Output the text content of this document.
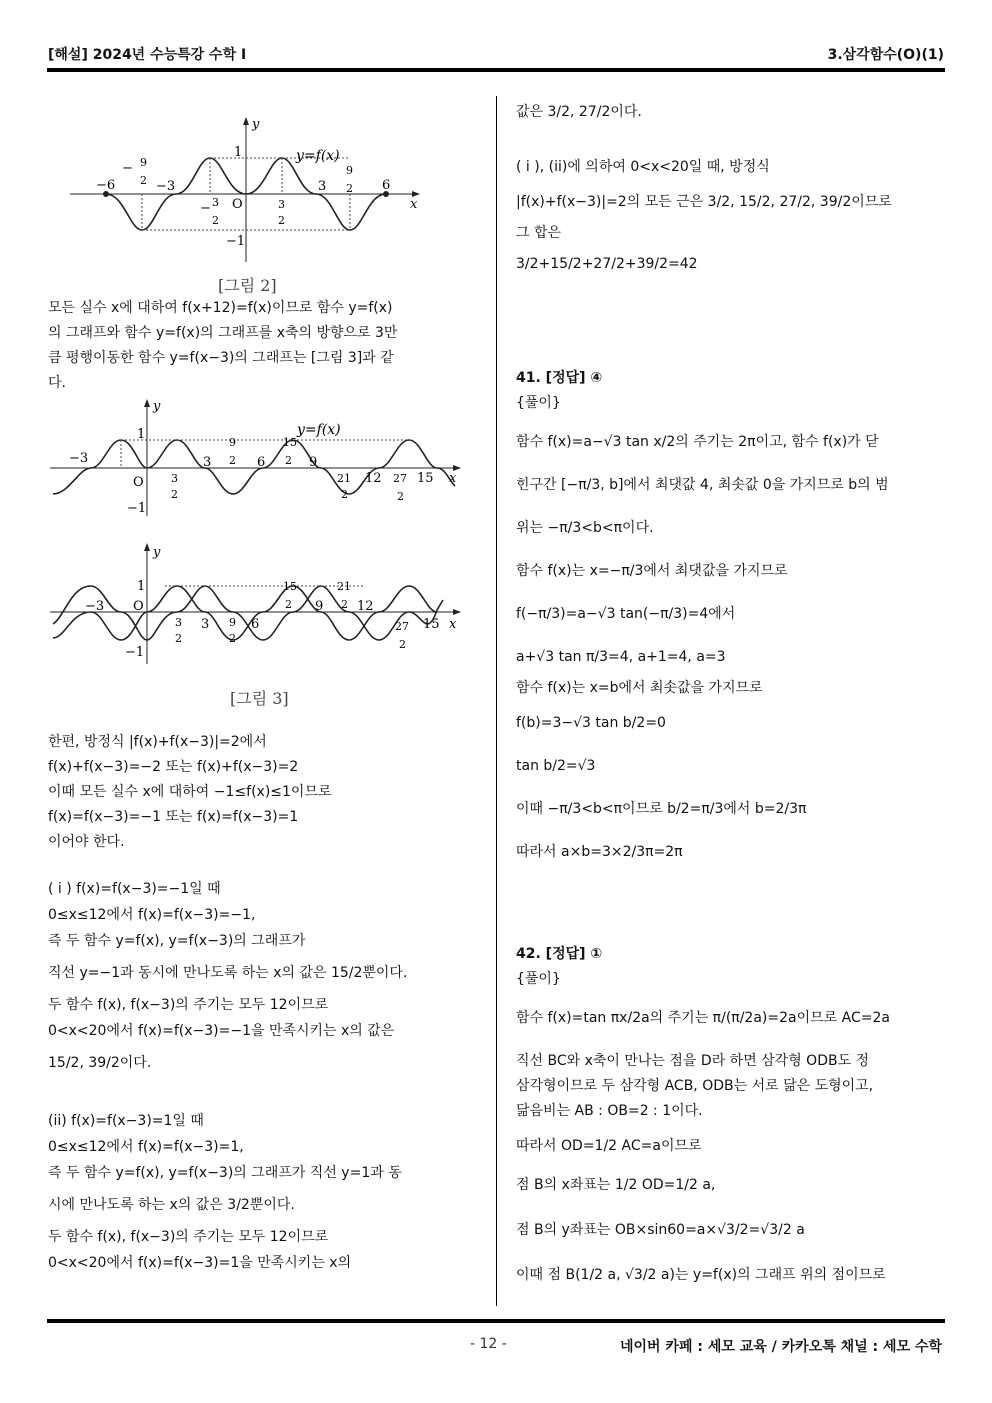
[해설] 2024년 수능특강 수학 I	3.삼각함수(O)(1)
−6
− 9
2 −3
− 3
2
O	3
2
3
9
2 6
1
−1
y
x
y=f(x)
[그림 2]

모든 실수 x에 대하여 f(x+12)=f(x)이므로 함수 y=f(x)

의 그래프와 함수 y=f(x)의 그래프를 x축의 방향으로 3만

큼 평행이동한 함수 y=f(x−3)의 그래프는 [그림 3]과 같

다.

−3
O
1
−1
3
2
3
9
2 6
15
2 9
21
2
12 27
2
15
y
x
y=f(x)
−3 O
1
−1
3
2
3 9
2
6
15
2 9
21
2 12
27
2
15
y
x
[그림 3]

한편, 방정식 |f(x)+f(x−3)|=2에서

f(x)+f(x−3)=−2 또는 f(x)+f(x−3)=2

이때 모든 실수 x에 대하여 −1≤f(x)≤1이므로

f(x)=f(x−3)=−1 또는 f(x)=f(x−3)=1

이어야 한다.

( i ) f(x)=f(x−3)=−1일 때

0≤x≤12에서 f(x)=f(x−3)=−1,

즉 두 함수 y=f(x), y=f(x−3)의 그래프가

직선 y=−1과 동시에 만나도록 하는 x의 값은 15/2뿐이다.

두 함수 f(x), f(x−3)의 주기는 모두 12이므로

0<x<20에서 f(x)=f(x−3)=−1을 만족시키는 x의 값은

15/2, 39/2이다.

(ii) f(x)=f(x−3)=1일 때

0≤x≤12에서 f(x)=f(x−3)=1,

즉 두 함수 y=f(x), y=f(x−3)의 그래프가 직선 y=1과 동

시에 만나도록 하는 x의 값은 3/2뿐이다.

두 함수 f(x), f(x−3)의 주기는 모두 12이므로

0<x<20에서 f(x)=f(x−3)=1을 만족시키는 x의

값은 3/2, 27/2이다.

( i ), (ii)에 의하여 0<x<20일 때, 방정식

|f(x)+f(x−3)|=2의 모든 근은 3/2, 15/2, 27/2, 39/2이므로

그 합은

3/2+15/2+27/2+39/2=42

41. [정답] ④

{풀이}

함수 f(x)=a−√3 tan x/2의 주기는 2π이고, 함수 f(x)가 닫

힌구간 [−π/3, b]에서 최댓값 4, 최솟값 0을 가지므로 b의 범

위는 −π/3<b<π이다.

함수 f(x)는 x=−π/3에서 최댓값을 가지므로

f(−π/3)=a−√3 tan(−π/3)=4에서

a+√3 tan π/3=4, a+1=4, a=3

함수 f(x)는 x=b에서 최솟값을 가지므로

f(b)=3−√3 tan b/2=0

tan b/2=√3

이때 −π/3<b<π이므로 b/2=π/3에서 b=2/3π

따라서 a×b=3×2/3π=2π

42. [정답] ①

{풀이}

함수 f(x)=tan πx/2a의 주기는 π/(π/2a)=2a이므로 AC=2a

직선 BC와 x축이 만나는 점을 D라 하면 삼각형 ODB도 정

삼각형이므로 두 삼각형 ACB, ODB는 서로 닮은 도형이고,

닮음비는 AB : OB=2 : 1이다.

따라서 OD=1/2 AC=a이므로

점 B의 x좌표는 1/2 OD=1/2 a,

점 B의 y좌표는 OB×sin60=a×√3/2=√3/2 a

이때 점 B(1/2 a, √3/2 a)는 y=f(x)의 그래프 위의 점이므로

- 12 -	네이버 카페 : 세모 교육 / 카카오톡 채널 : 세모 수학
